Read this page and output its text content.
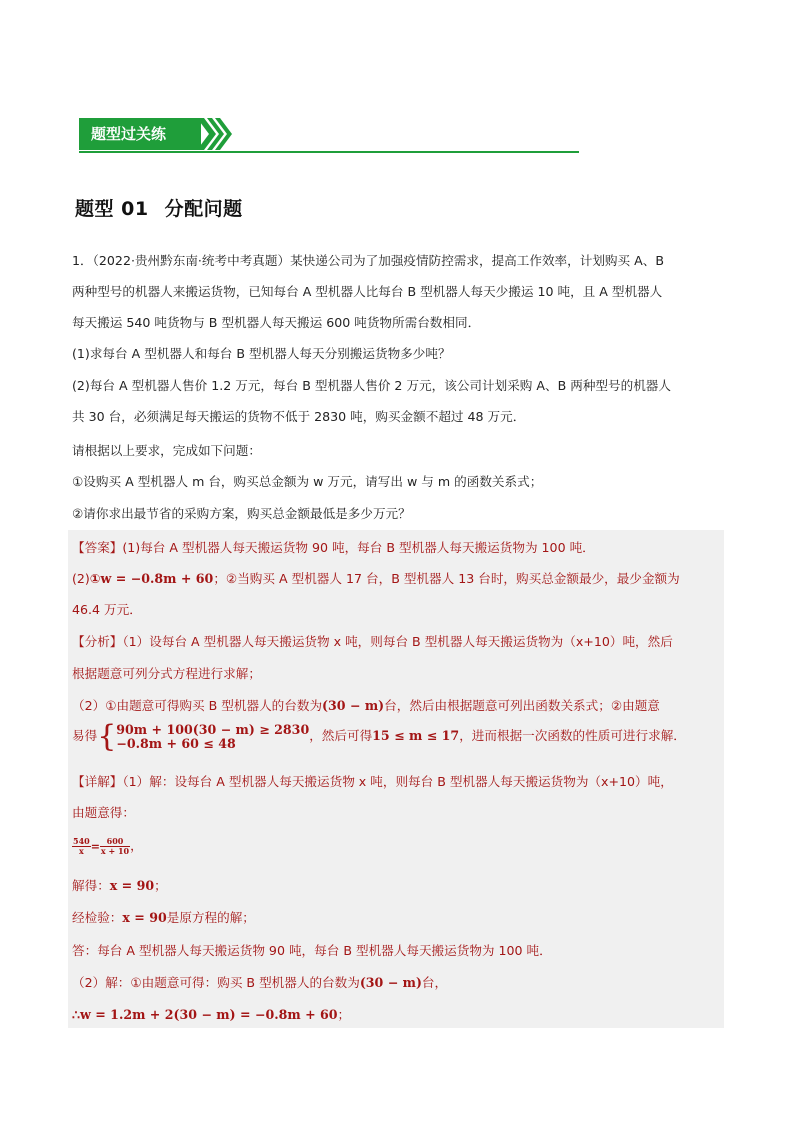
题型过关练
题型 01 分配问题
1．（2022·贵州黔东南·统考中考真题）某快递公司为了加强疫情防控需求，提高工作效率，计划购买 A、B
两种型号的机器人来搬运货物，已知每台 A 型机器人比每台 B 型机器人每天少搬运 10 吨，且 A 型机器人
每天搬运 540 吨货物与 B 型机器人每天搬运 600 吨货物所需台数相同．
(1)求每台 A 型机器人和每台 B 型机器人每天分别搬运货物多少吨？
(2)每台 A 型机器人售价 1.2 万元，每台 B 型机器人售价 2 万元，该公司计划采购 A、B 两种型号的机器人
共 30 台，必须满足每天搬运的货物不低于 2830 吨，购买金额不超过 48 万元．
请根据以上要求，完成如下问题：
①设购买 A 型机器人 m 台，购买总金额为 w 万元，请写出 w 与 m 的函数关系式；
②请你求出最节省的采购方案，购买总金额最低是多少万元？
【答案】(1)每台 A 型机器人每天搬运货物 90 吨，每台 B 型机器人每天搬运货物为 100 吨．
(2)①w = −0.8m + 60；②当购买 A 型机器人 17 台，B 型机器人 13 台时，购买总金额最少，最少金额为
46.4 万元．
【分析】（1）设每台 A 型机器人每天搬运货物 x 吨，则每台 B 型机器人每天搬运货物为（x+10）吨，然后
根据题意可列分式方程进行求解；
（2）①由题意可得购买 B 型机器人的台数为(30 − m)台，然后由根据题意可列出函数关系式；②由题意
易得{ 90m + 100(30 − m) ≥ 2830
−0.8m + 60 ≤ 48	，然后可得15 ≤ m ≤ 17，进而根据一次函数的性质可进行求解．
【详解】（1）解：设每台 A 型机器人每天搬运货物 x 吨，则每台 B 型机器人每天搬运货物为（x+10）吨，
由题意得：
$\frac{540}{x} = \frac{600}{x + 10}$ ，
解得：x = 90；
经检验：x = 90是原方程的解；
答：每台 A 型机器人每天搬运货物 90 吨，每台 B 型机器人每天搬运货物为 100 吨．
（2）解：①由题意可得：购买 B 型机器人的台数为(30 − m)台，
∴w = 1.2m + 2(30 − m) = −0.8m + 60；
